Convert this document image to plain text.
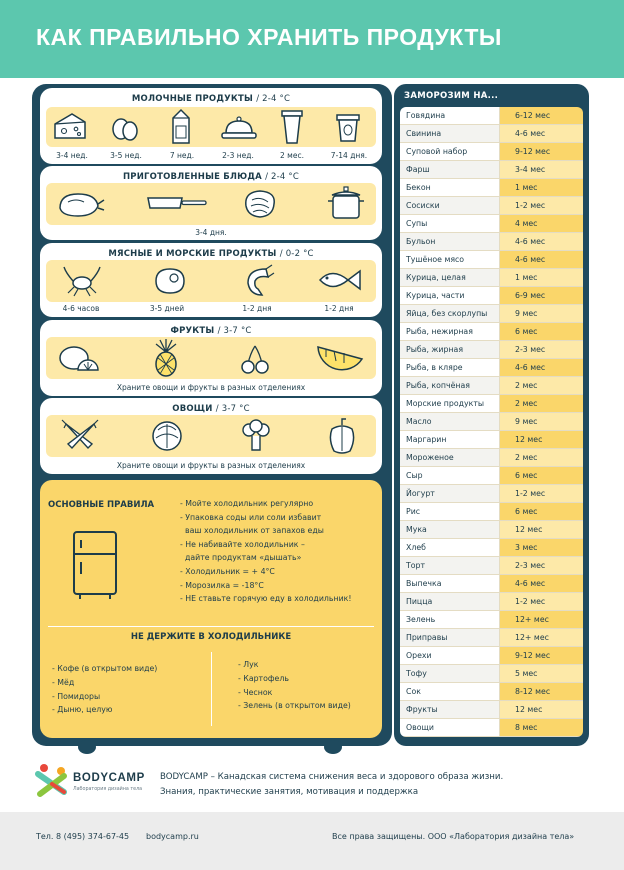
КАК ПРАВИЛЬНО ХРАНИТЬ ПРОДУКТЫ
МОЛОЧНЫЕ ПРОДУКТЫ / 2-4 °C
3-4 нед.	3-5 нед.	7 нед.	2-3 нед.	2 мес.	7-14 дня.
ПРИГОТОВЛЕННЫЕ БЛЮДА / 2-4 °C
3-4 дня.
МЯСНЫЕ И МОРСКИЕ ПРОДУКТЫ / 0-2 °C
4-6 часов	3-5 дней	1-2 дня	1-2 дня
ФРУКТЫ / 3-7 °C
Храните овощи и фрукты в разных отделениях
ОВОЩИ / 3-7 °C
Храните овощи и фрукты в разных отделениях
ОСНОВНЫЕ ПРАВИЛА	- Мойте холодильник регулярно
- Упаковка соды или соли избавит
ваш холодильник от запахов еды
- Не набивайте холодильник –
дайте продуктам «дышать»
- Холодильник = + 4°C
- Морозилка = -18°C
- НЕ ставьте горячую еду в холодильник!
НЕ ДЕРЖИТЕ В ХОЛОДИЛЬНИКЕ
- Кофе (в открытом виде)
- Мёд
- Помидоры
- Дыню, целую
- Лук
- Картофель
- Чеснок
- Зелень (в открытом виде)
ЗАМОРОЗИМ НА...
Говядина	6-12 мес
Свинина	4-6 мес
Суповой набор	9-12 мес
Фарш	3-4 мес
Бекон	1 мес
Сосиски	1-2 мес
Супы	4 мес
Бульон	4-6 мес
Тушёное мясо	4-6 мес
Курица, целая	1 мес
Курица, части	6-9 мес
Яйца, без скорлупы	9 мес
Рыба, нежирная	6 мес
Рыба, жирная	2-3 мес
Рыба, в кляре	4-6 мес
Рыба, копчёная	2 мес
Морские продукты	2 мес
Масло	9 мес
Маргарин	12 мес
Мороженое	2 мес
Сыр	6 мес
Йогурт	1-2 мес
Рис	6 мес
Мука	12 мес
Хлеб	3 мес
Торт	2-3 мес
Выпечка	4-6 мес
Пицца	1-2 мес
Зелень	12+ мес
Приправы	12+ мес
Орехи	9-12 мес
Тофу	5 мес
Сок	8-12 мес
Фрукты	12 мес
Овощи	8 мес
BODYCAMP
Лаборатория дизайна тела
BODYCAMP – Канадская система снижения веса и здорового образа жизни.
Знания, практические занятия, мотивация и поддержка
Тел. 8 (495) 374-67-45 bodycamp.ru	Все права защищены. ООО «Лаборатория дизайна тела»
